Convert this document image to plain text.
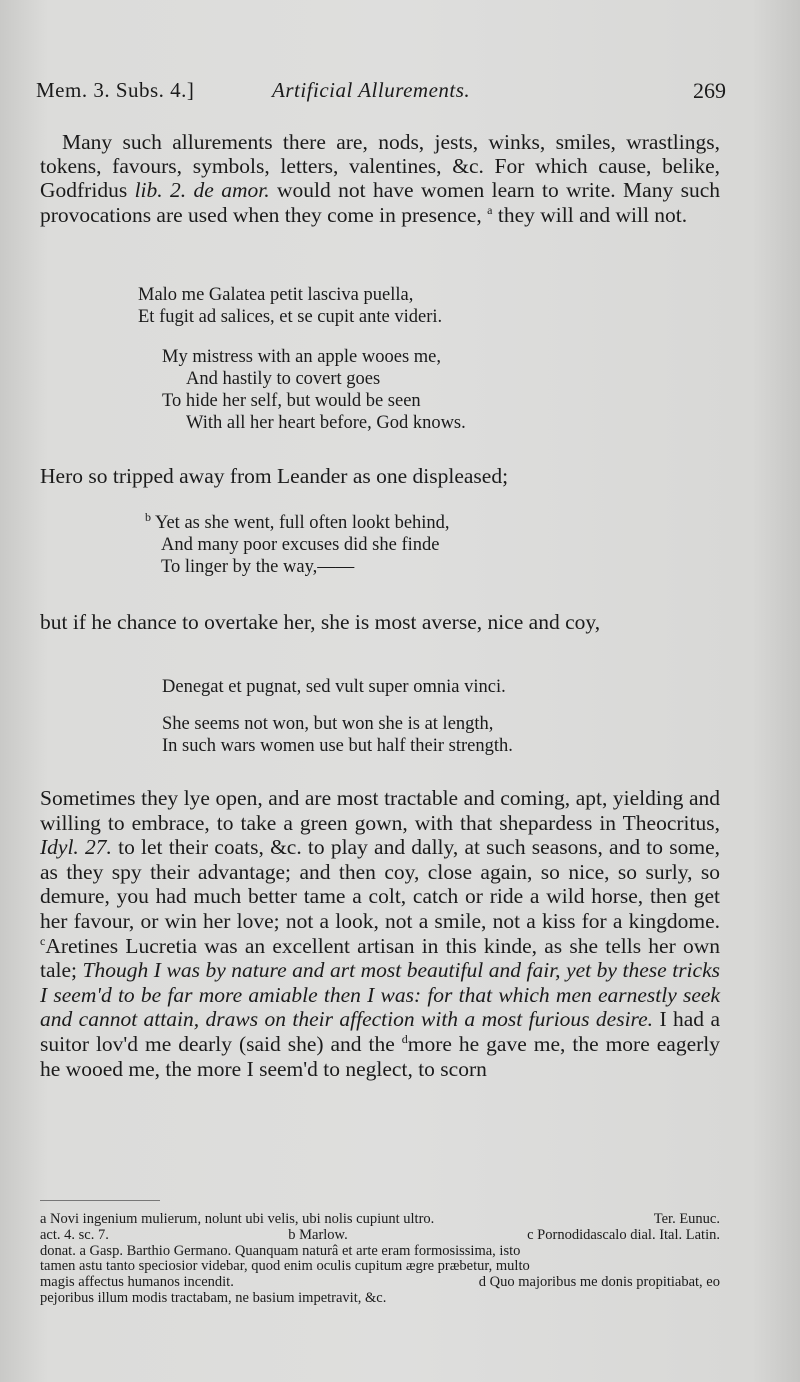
Mem. 3. Subs. 4.]	Artificial Allurements.	269
Many such allurements there are, nods, jests, winks, smiles, wrastlings, tokens, favours, symbols, letters, valentines, &c. For which cause, belike, Godfridus lib. 2. de amor. would not have women learn to write. Many such provocations are used when they come in presence, $^a$ they will and will not.
Malo me Galatea petit lasciva puella,
Et fugit ad salices, et se cupit ante videri.
My mistress with an apple wooes me,
And hastily to covert goes
To hide her self, but would be seen
With all her heart before, God knows.
Hero so tripped away from Leander as one displeased;
$^b$ Yet as she went, full often lookt behind,
And many poor excuses did she finde
To linger by the way,——
but if he chance to overtake her, she is most averse, nice and coy,
Denegat et pugnat, sed vult super omnia vinci.
She seems not won, but won she is at length,
In such wars women use but half their strength.
Sometimes they lye open, and are most tractable and coming, apt, yielding and willing to embrace, to take a green gown, with that shepardess in Theocritus, Idyl. 27. to let their coats, &c. to play and dally, at such seasons, and to some, as they spy their advantage; and then coy, close again, so nice, so surly, so demure, you had much better tame a colt, catch or ride a wild horse, then get her favour, or win her love; not a look, not a smile, not a kiss for a kingdome. $^c$Aretines Lucretia was an excellent artisan in this kinde, as she tells her own tale; Though I was by nature and art most beautiful and fair, yet by these tricks I seem'd to be far more amiable then I was: for that which men earnestly seek and cannot attain, draws on their affection with a most furious desire. I had a suitor lov'd me dearly (said she) and the $^d$more he gave me, the more eagerly he wooed me, the more I seem'd to neglect, to scorn
a Novi ingenium mulierum, nolunt ubi velis, ubi nolis cupiunt ultro.	Ter. Eunuc.
act. 4. sc. 7.	b Marlow.	c Pornodidascalo dial. Ital. Latin.
donat. a Gasp. Barthio Germano. Quanquam naturâ et arte eram formosissima, isto
tamen astu tanto speciosior videbar, quod enim oculis cupitum ægre præbetur, multo
magis affectus humanos incendit.	d Quo majoribus me donis propitiabat, eo
pejoribus illum modis tractabam, ne basium impetravit, &c.
